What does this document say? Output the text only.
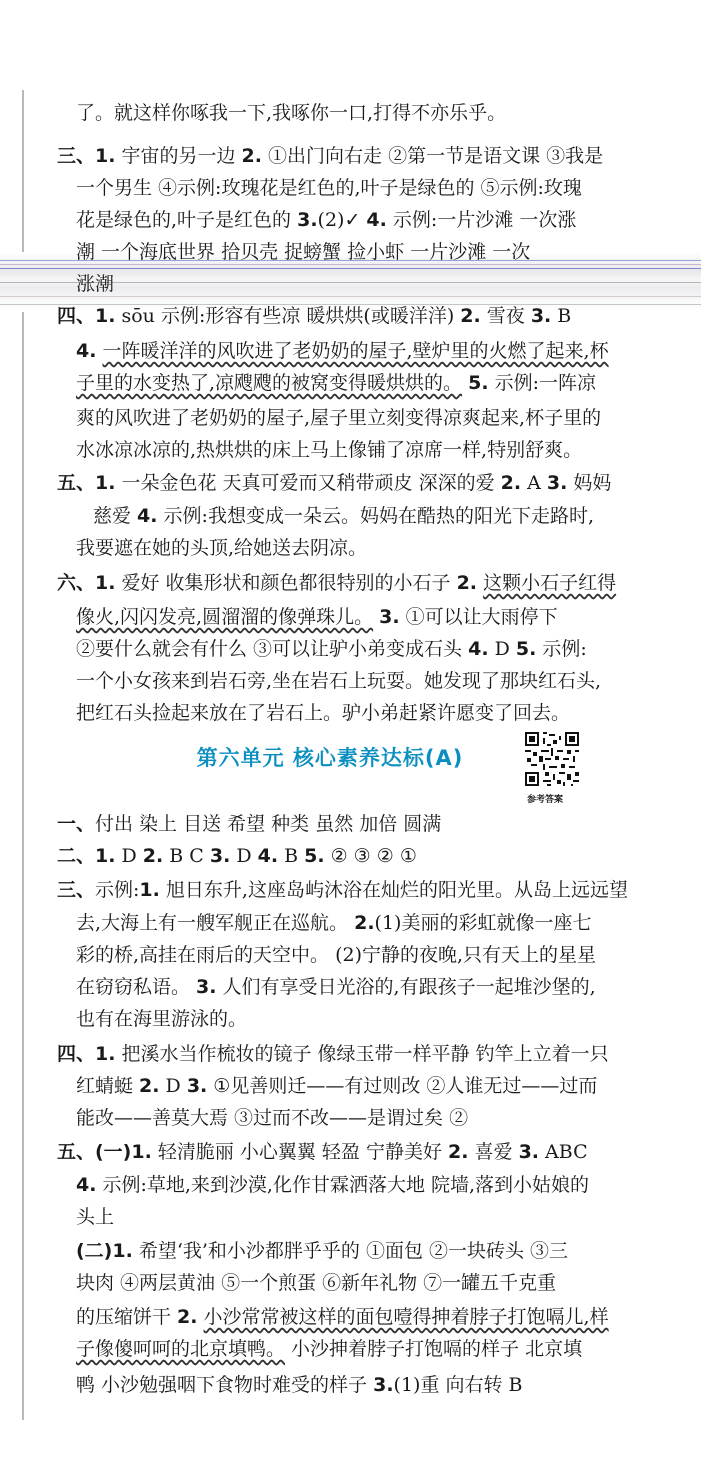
了。就这样你啄我一下,我啄你一口,打得不亦乐乎。
三、1. 宇宙的另一边 2. ①出门向右走 ②第一节是语文课 ③我是
一个男生 ④示例:玫瑰花是红色的,叶子是绿色的 ⑤示例:玫瑰
花是绿色的,叶子是红色的 3.(2)✓ 4. 示例:一片沙滩 一次涨
潮 一个海底世界 拾贝壳 捉螃蟹 捡小虾 一片沙滩 一次
涨潮
四、1. sōu 示例:形容有些凉 暖烘烘(或暖洋洋) 2. 雪夜 3. B
4. 一阵暖洋洋的风吹进了老奶奶的屋子,壁炉里的火燃了起来,杯
子里的水变热了,凉飕飕的被窝变得暖烘烘的。 5. 示例:一阵凉
爽的风吹进了老奶奶的屋子,屋子里立刻变得凉爽起来,杯子里的
水冰凉冰凉的,热烘烘的床上马上像铺了凉席一样,特别舒爽。
五、1. 一朵金色花 天真可爱而又稍带顽皮 深深的爱 2. A 3. 妈妈
慈爱 4. 示例:我想变成一朵云。妈妈在酷热的阳光下走路时,
我要遮在她的头顶,给她送去阴凉。
六、1. 爱好 收集形状和颜色都很特别的小石子 2. 这颗小石子红得
像火,闪闪发亮,圆溜溜的像弹珠儿。 3. ①可以让大雨停下
②要什么就会有什么 ③可以让驴小弟变成石头 4. D 5. 示例:
一个小女孩来到岩石旁,坐在岩石上玩耍。她发现了那块红石头,
把红石头捡起来放在了岩石上。驴小弟赶紧许愿变了回去。
一、付出 染上 目送 希望 种类 虽然 加倍 圆满
二、1. D 2. B C 3. D 4. B 5. ② ③ ② ①
三、示例:1. 旭日东升,这座岛屿沐浴在灿烂的阳光里。从岛上远远望
去,大海上有一艘军舰正在巡航。 2.(1)美丽的彩虹就像一座七
彩的桥,高挂在雨后的天空中。 (2)宁静的夜晚,只有天上的星星
在窃窃私语。 3. 人们有享受日光浴的,有跟孩子一起堆沙堡的,
也有在海里游泳的。
四、1. 把溪水当作梳妆的镜子 像绿玉带一样平静 钓竿上立着一只
红蜻蜓 2. D 3. ①见善则迁——有过则改 ②人谁无过——过而
能改——善莫大焉 ③过而不改——是谓过矣 ②
五、(一)1. 轻清脆丽 小心翼翼 轻盈 宁静美好 2. 喜爱 3. ABC
4. 示例:草地,来到沙漠,化作甘霖洒落大地 院墙,落到小姑娘的
头上
(二)1. 希望‘我’和小沙都胖乎乎的 ①面包 ②一块砖头 ③三
块肉 ④两层黄油 ⑤一个煎蛋 ⑥新年礼物 ⑦一罐五千克重
的压缩饼干 2. 小沙常常被这样的面包噎得抻着脖子打饱嗝儿,样
子像傻呵呵的北京填鸭。 小沙抻着脖子打饱嗝的样子 北京填
鸭 小沙勉强咽下食物时难受的样子 3.(1)重 向右转 B
第六单元 核心素养达标(A)
参考答案
